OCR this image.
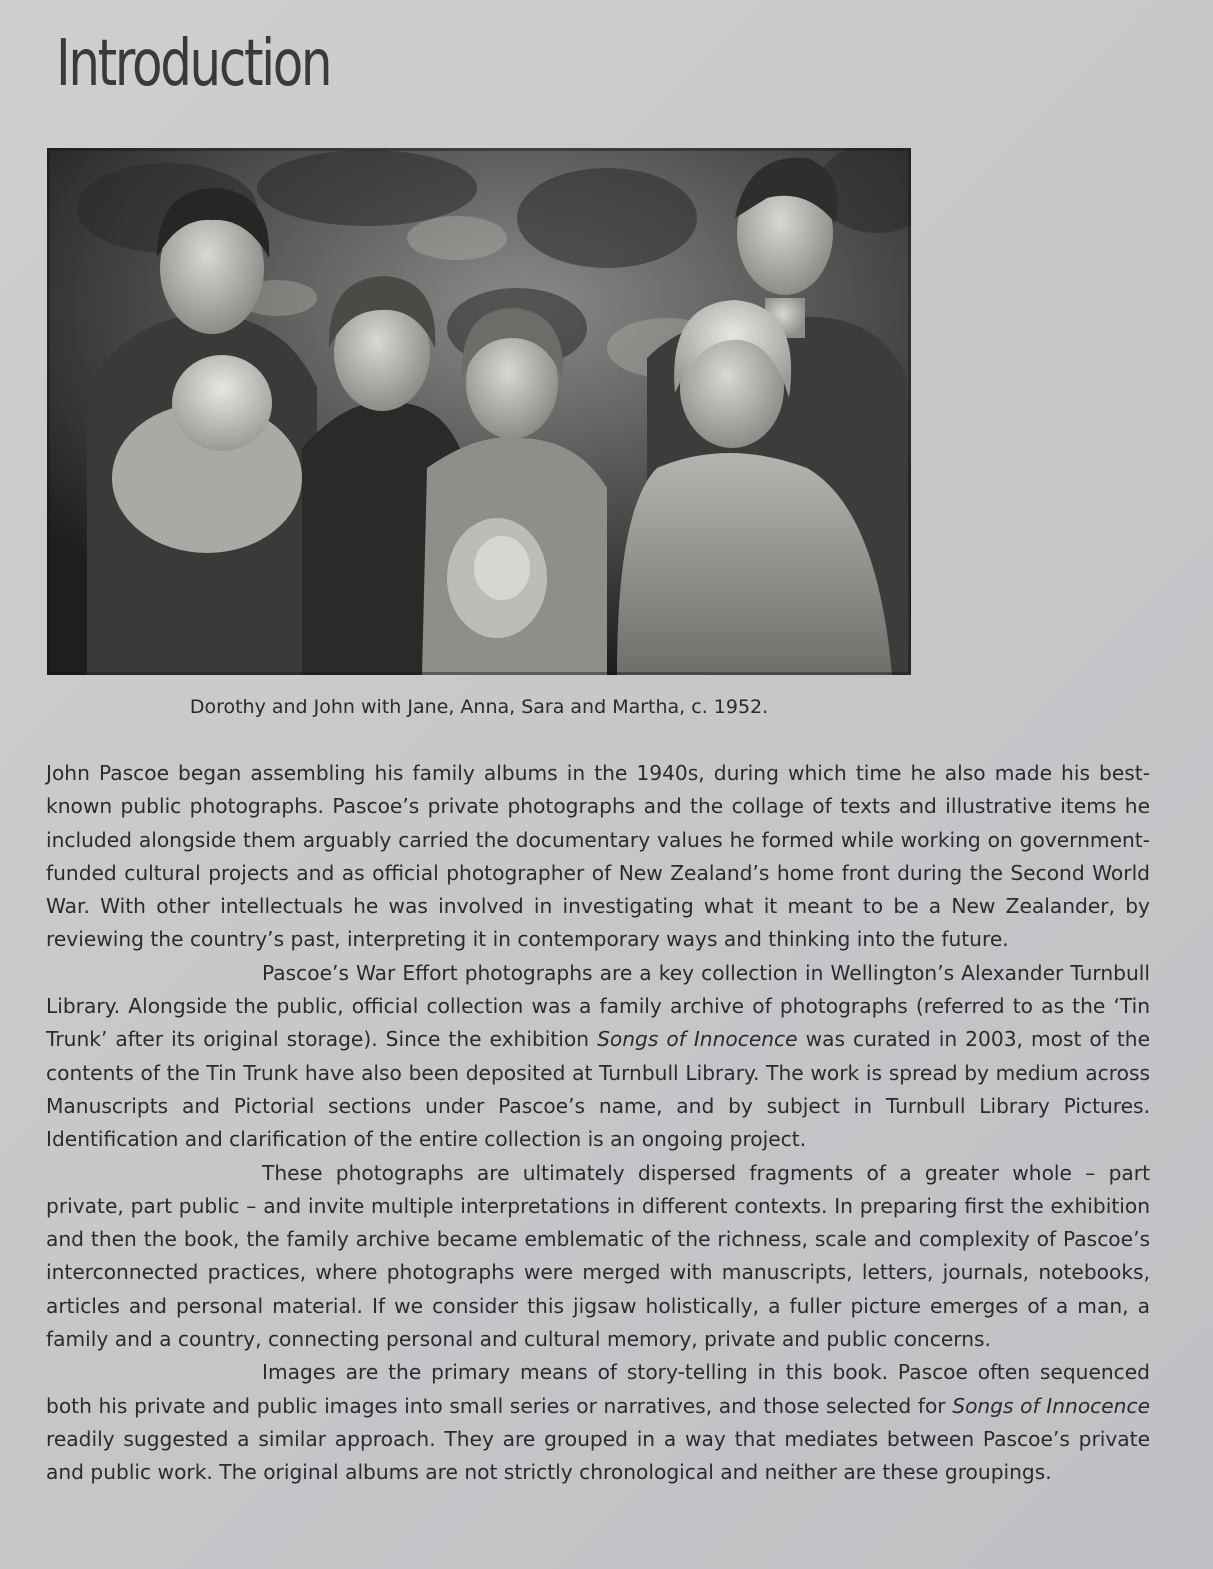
Introduction
Dorothy and John with Jane, Anna, Sara and Martha, c. 1952.

John Pascoe began assembling his family albums in the 1940s, during which time he also made his best-known public photographs. Pascoe’s private photographs and the collage of texts and illustrative items he included alongside them arguably carried the documentary values he formed while working on government-funded cultural projects and as official photographer of New Zealand’s home front during the Second World War. With other intellectuals he was involved in investigating what it meant to be a New Zealander, by reviewing the country’s past, interpreting it in contemporary ways and thinking into the future.

Pascoe’s War Effort photographs are a key collection in Wellington’s Alexander Turnbull Library. Alongside the public, official collection was a family archive of photographs (referred to as the ‘Tin Trunk’ after its original storage). Since the exhibition Songs of Innocence was curated in 2003, most of the contents of the Tin Trunk have also been deposited at Turnbull Library. The work is spread by medium across Manuscripts and Pictorial sections under Pascoe’s name, and by subject in Turnbull Library Pictures. Identification and clarification of the entire collection is an ongoing project.

These photographs are ultimately dispersed fragments of a greater whole – part private, part public – and invite multiple interpretations in different contexts. In preparing first the exhibition and then the book, the family archive became emblematic of the richness, scale and complexity of Pascoe’s interconnected practices, where photographs were merged with manuscripts, letters, journals, notebooks, articles and personal material. If we consider this jigsaw holistically, a fuller picture emerges of a man, a family and a country, connecting personal and cultural memory, private and public concerns.

Images are the primary means of story-telling in this book. Pascoe often sequenced both his private and public images into small series or narratives, and those selected for Songs of Innocence readily suggested a similar approach. They are grouped in a way that mediates between Pascoe’s private and public work. The original albums are not strictly chronological and neither are these groupings.
